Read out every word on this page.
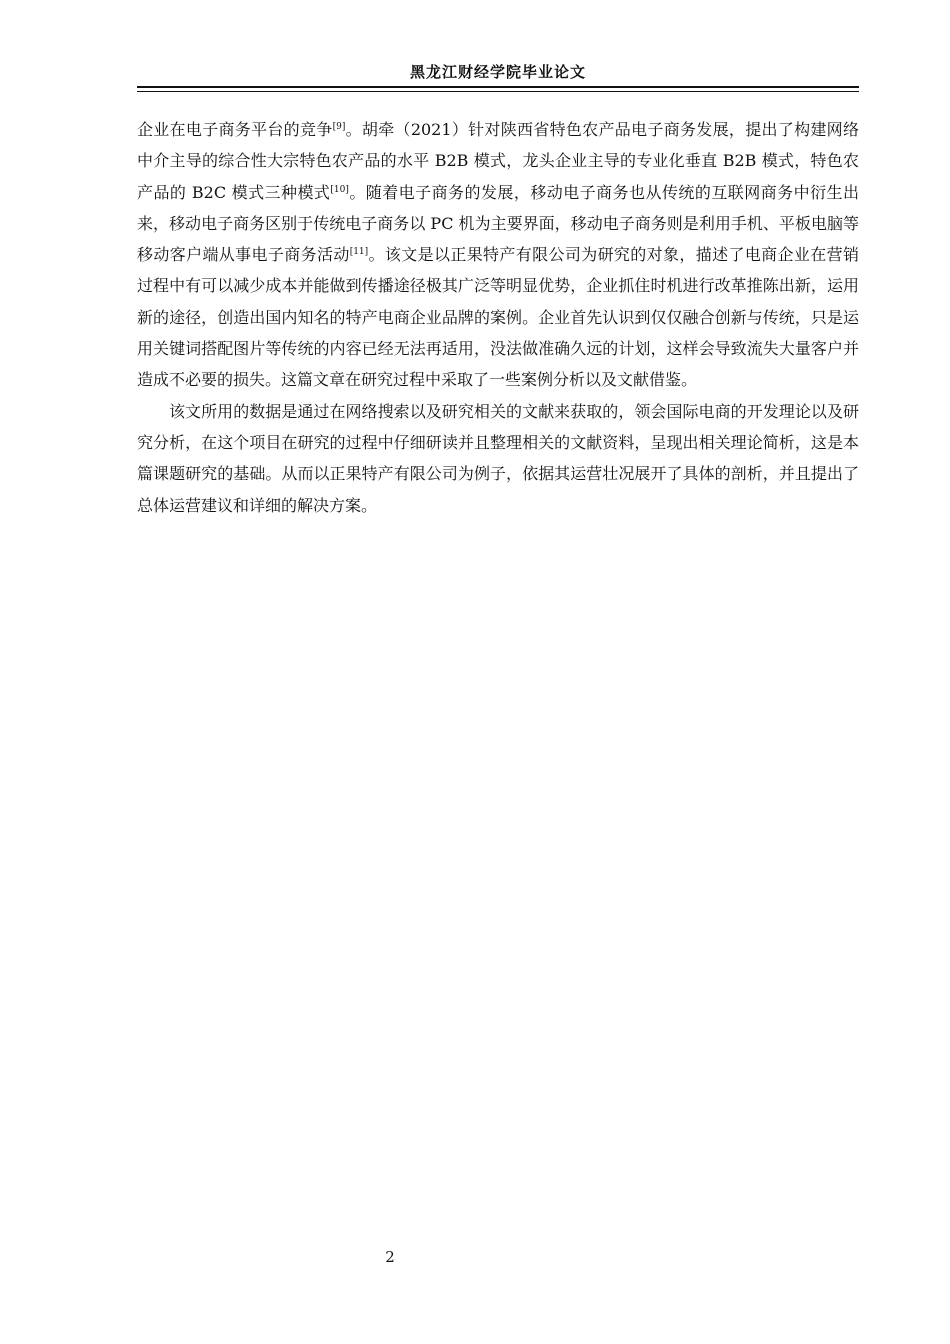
黑龙江财经学院毕业论文

企业在电子商务平台的竞争[9]。胡牵（2021）针对陕西省特色农产品电子商务发展，提出了构建网络中介主导的综合性大宗特色农产品的水平 B2B 模式，龙头企业主导的专业化垂直 B2B 模式，特色农产品的 B2C 模式三种模式[10]。随着电子商务的发展，移动电子商务也从传统的互联网商务中衍生出来，移动电子商务区别于传统电子商务以 PC 机为主要界面，移动电子商务则是利用手机、平板电脑等移动客户端从事电子商务活动[11]。该文是以正果特产有限公司为研究的对象，描述了电商企业在营销过程中有可以减少成本并能做到传播途径极其广泛等明显优势，企业抓住时机进行改革推陈出新，运用新的途径，创造出国内知名的特产电商企业品牌的案例。企业首先认识到仅仅融合创新与传统，只是运用关键词搭配图片等传统的内容已经无法再适用，没法做准确久远的计划，这样会导致流失大量客户并造成不必要的损失。这篇文章在研究过程中采取了一些案例分析以及文献借鉴。

该文所用的数据是通过在网络搜索以及研究相关的文献来获取的，领会国际电商的开发理论以及研究分析，在这个项目在研究的过程中仔细研读并且整理相关的文献资料，呈现出相关理论简析，这是本篇课题研究的基础。从而以正果特产有限公司为例子，依据其运营壮况展开了具体的剖析，并且提出了总体运营建议和详细的解决方案。

2
